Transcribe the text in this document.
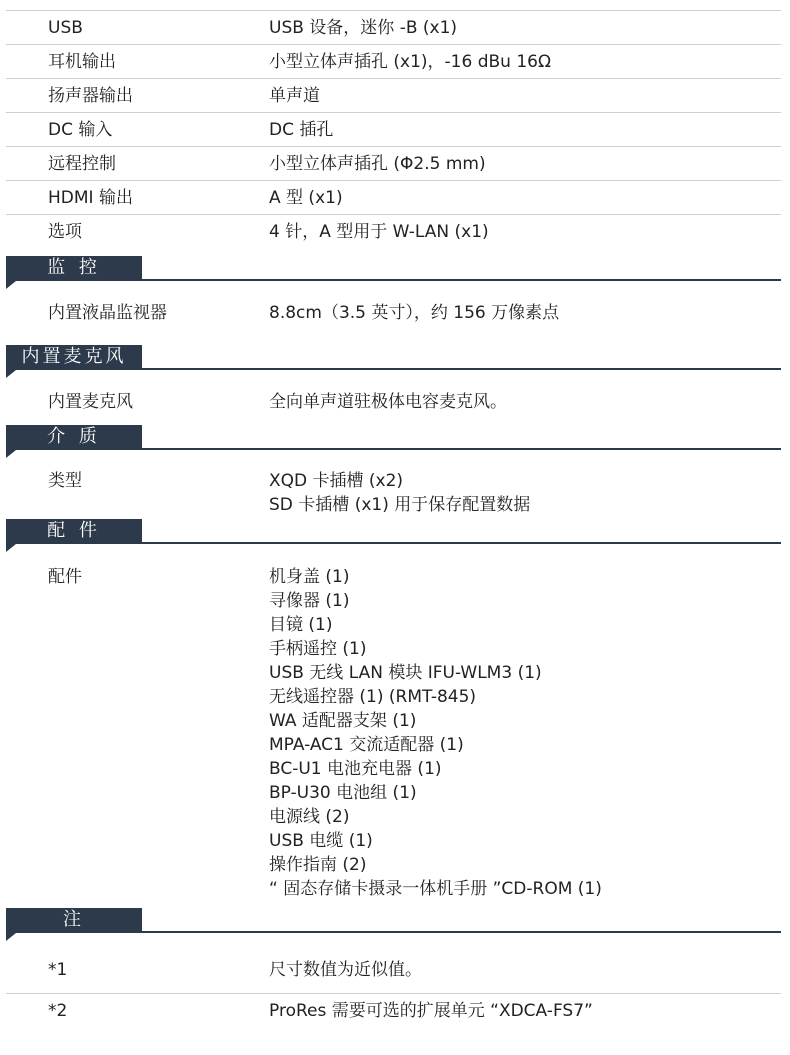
USB	USB 设备，迷你 -B (x1)
耳机输出	小型立体声插孔 (x1)，-16 dBu 16Ω
扬声器输出	单声道
DC 输入	DC 插孔
远程控制	小型立体声插孔 (Φ2.5 mm)
HDMI 输出	A 型 (x1)
选项	4 针，A 型用于 W-LAN (x1)
监 控
内置液晶监视器	8.8cm（3.5 英寸），约 156 万像素点
内置麦克风
内置麦克风	全向单声道驻极体电容麦克风。
介 质
类型	XQD 卡插槽 (x2)
SD 卡插槽 (x1) 用于保存配置数据
配 件
配件	机身盖 (1)
寻像器 (1)
目镜 (1)
手柄遥控 (1)
USB 无线 LAN 模块 IFU-WLM3 (1)
无线遥控器 (1) (RMT-845)
WA 适配器支架 (1)
MPA-AC1 交流适配器 (1)
BC-U1 电池充电器 (1)
BP-U30 电池组 (1)
电源线 (2)
USB 电缆 (1)
操作指南 (2)
“ 固态存储卡摄录一体机手册 ”CD-ROM (1)
注
*1	尺寸数值为近似值。
*2	ProRes 需要可选的扩展单元 “XDCA-FS7”
